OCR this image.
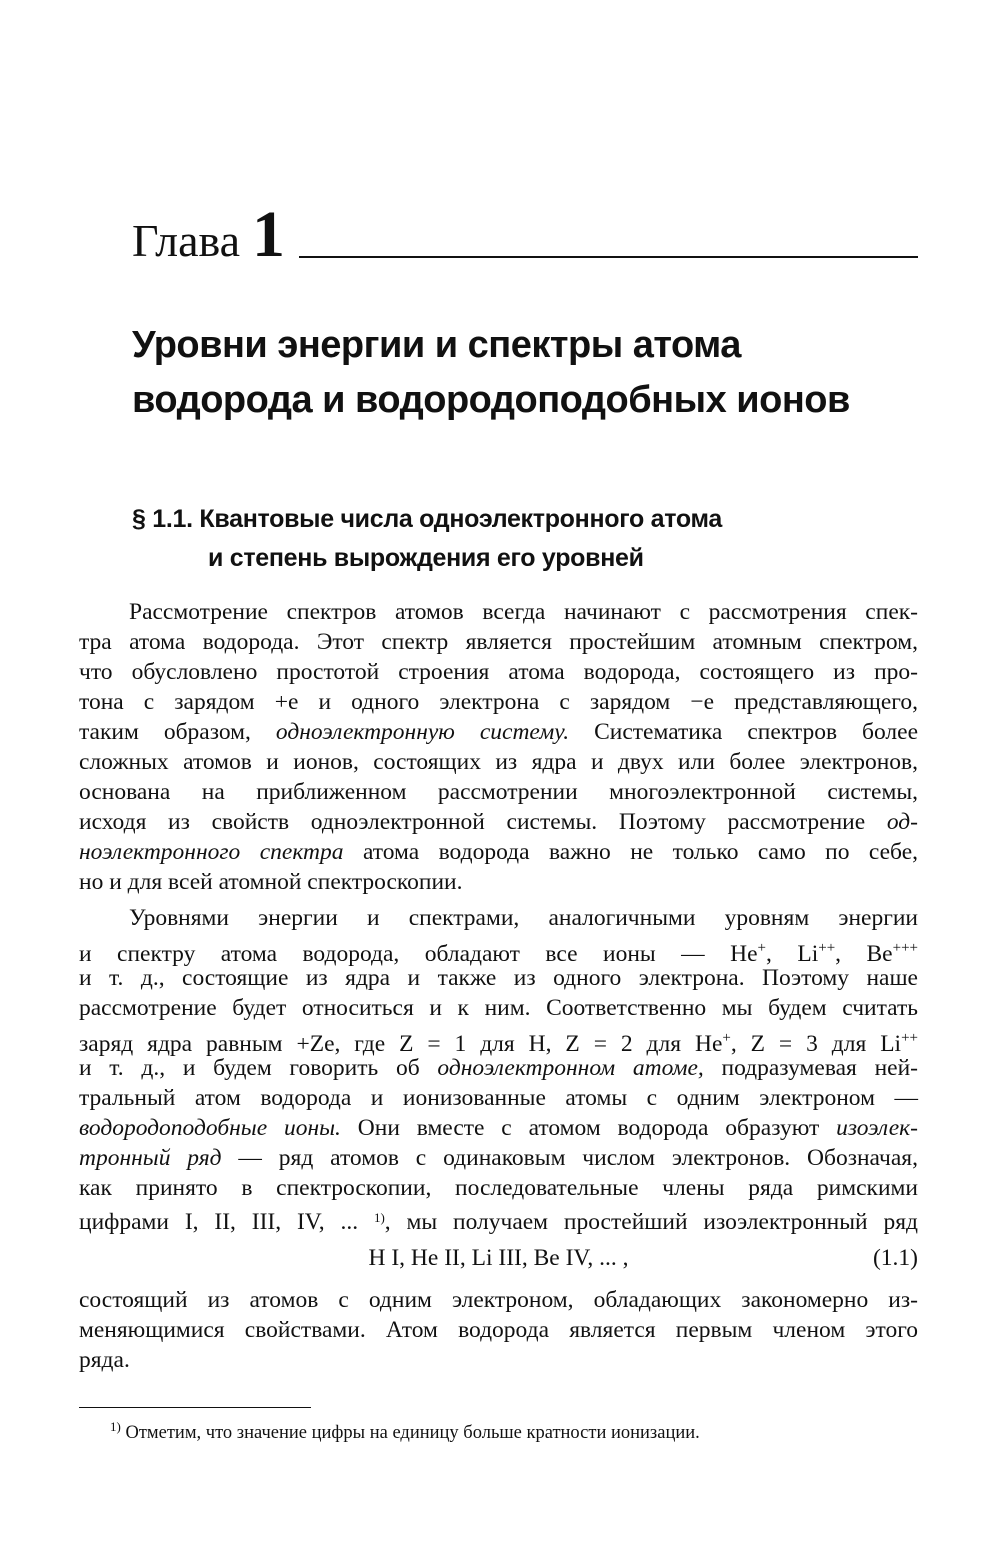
Глава 1
Уровни энергии и спектры атома
водорода и водородоподобных ионов
§ 1.1. Квантовые числа одноэлектронного атома
и степень вырождения его уровней
Рассмотрение спектров атомов всегда начинают с рассмотрения спек-
тра атома водорода. Этот спектр является простейшим атомным спектром,
что обусловлено простотой строения атома водорода, состоящего из про-
тона с зарядом +e и одного электрона с зарядом −e представляющего,
таким образом, одноэлектронную систему. Систематика спектров более
сложных атомов и ионов, состоящих из ядра и двух или более электронов,
основана на приближенном рассмотрении многоэлектронной системы,
исходя из свойств одноэлектронной системы. Поэтому рассмотрение од-
ноэлектронного спектра атома водорода важно не только само по себе,
но и для всей атомной спектроскопии.
Уровнями энергии и спектрами, аналогичными уровням энергии
и спектру атома водорода, обладают все ионы — He+, Li++, Be+++
и т. д., состоящие из ядра и также из одного электрона. Поэтому наше
рассмотрение будет относиться и к ним. Соответственно мы будем считать
заряд ядра равным +Ze, где Z = 1 для H, Z = 2 для He+, Z = 3 для Li++
и т. д., и будем говорить об одноэлектронном атоме, подразумевая ней-
тральный атом водорода и ионизованные атомы с одним электроном —
водородоподобные ионы. Они вместе с атомом водорода образуют изоэлек-
тронный ряд — ряд атомов с одинаковым числом электронов. Обозначая,
как принято в спектроскопии, последовательные члены ряда римскими
цифрами I, II, III, IV, ... $^{1)}$, мы получаем простейший изоэлектронный ряд
H I, He II, Li III, Be IV, ... ,	(1.1)
состоящий из атомов с одним электроном, обладающих закономерно из-
меняющимися свойствами. Атом водорода является первым членом этого
ряда.
$^{1)}$ Отметим, что значение цифры на единицу больше кратности ионизации.
